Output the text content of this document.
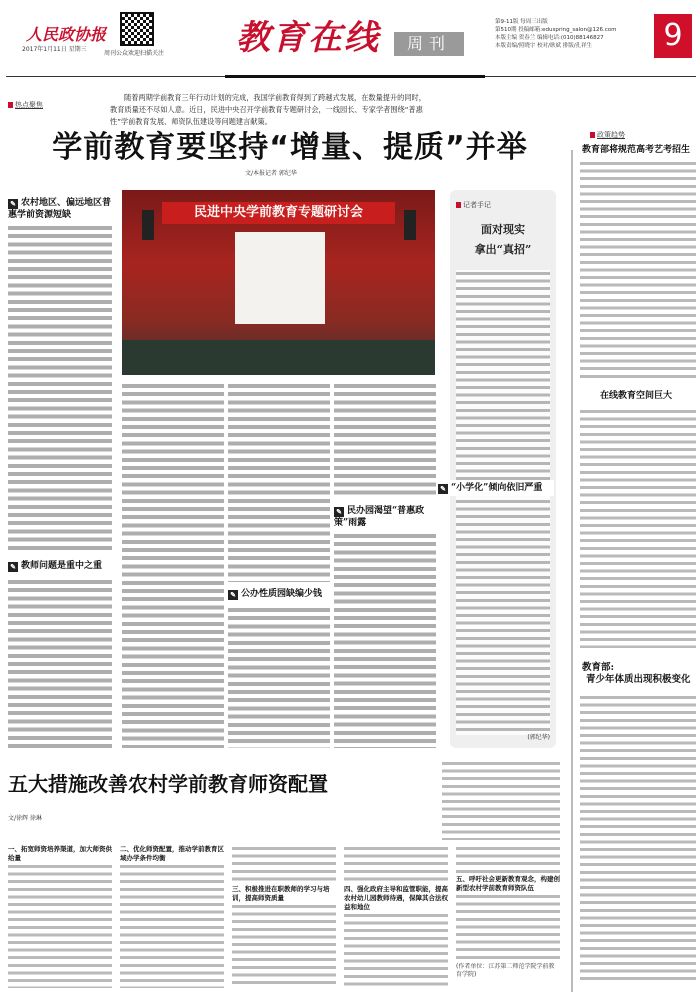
人民政协报
2017年1月11日 星期三
周刊公众欢迎扫描关注 教育在线	周刊
第9-11版 每周三出版
第510期 投稿邮箱:eduspring_salon@126.com
本版主编 贺春兰 编辑电话:(010)88146827
本版责编/照晓宇 校对/耿斌 排版/孔祥生	9
热点聚焦
随着两期学前教育三年行动计划的完成，我国学前教育得到了跨越式发展，在数量提升的同时，教育质量还不尽如人意。近日，民进中央召开学前教育专题研讨会，一线园长、专家学者围绕“普惠性”学前教育发展、师资队伍建设等问题建言献策。
政策趋势
学前教育要坚持“增量、提质”并举
文/本报记者 郭纪华
✎ 农村地区、偏远地区普惠学前资源短缺
✎ 教师问题是重中之重
民进中央学前教育专题研讨会
✎ 公办性质园缺编少钱
✎ 民办园渴望“普惠政策”雨露
记者手记
面对现实
拿出“真招”
(郭纪华)
✎ “小学化”倾向依旧严重
教育部将规范高考艺考招生
在线教育空间巨大
教育部:
青少年体质出现积极变化
五大措施改善农村学前教育师资配置
文/徐辉 徐琳
一、拓宽师资培养渠道，加大师资供给量
二、优化师资配置，推动学前教育区域办学条件均衡
三、积极推进在职教师的学习与培训，提高师资质量
四、强化政府主导和监管职能，提高农村幼儿园教师待遇，保障其合法权益和地位
五、呼吁社会更新教育观念，构建创新型农村学前教育师资队伍
(作者单位：江苏第二师范学院学前教育学院)
